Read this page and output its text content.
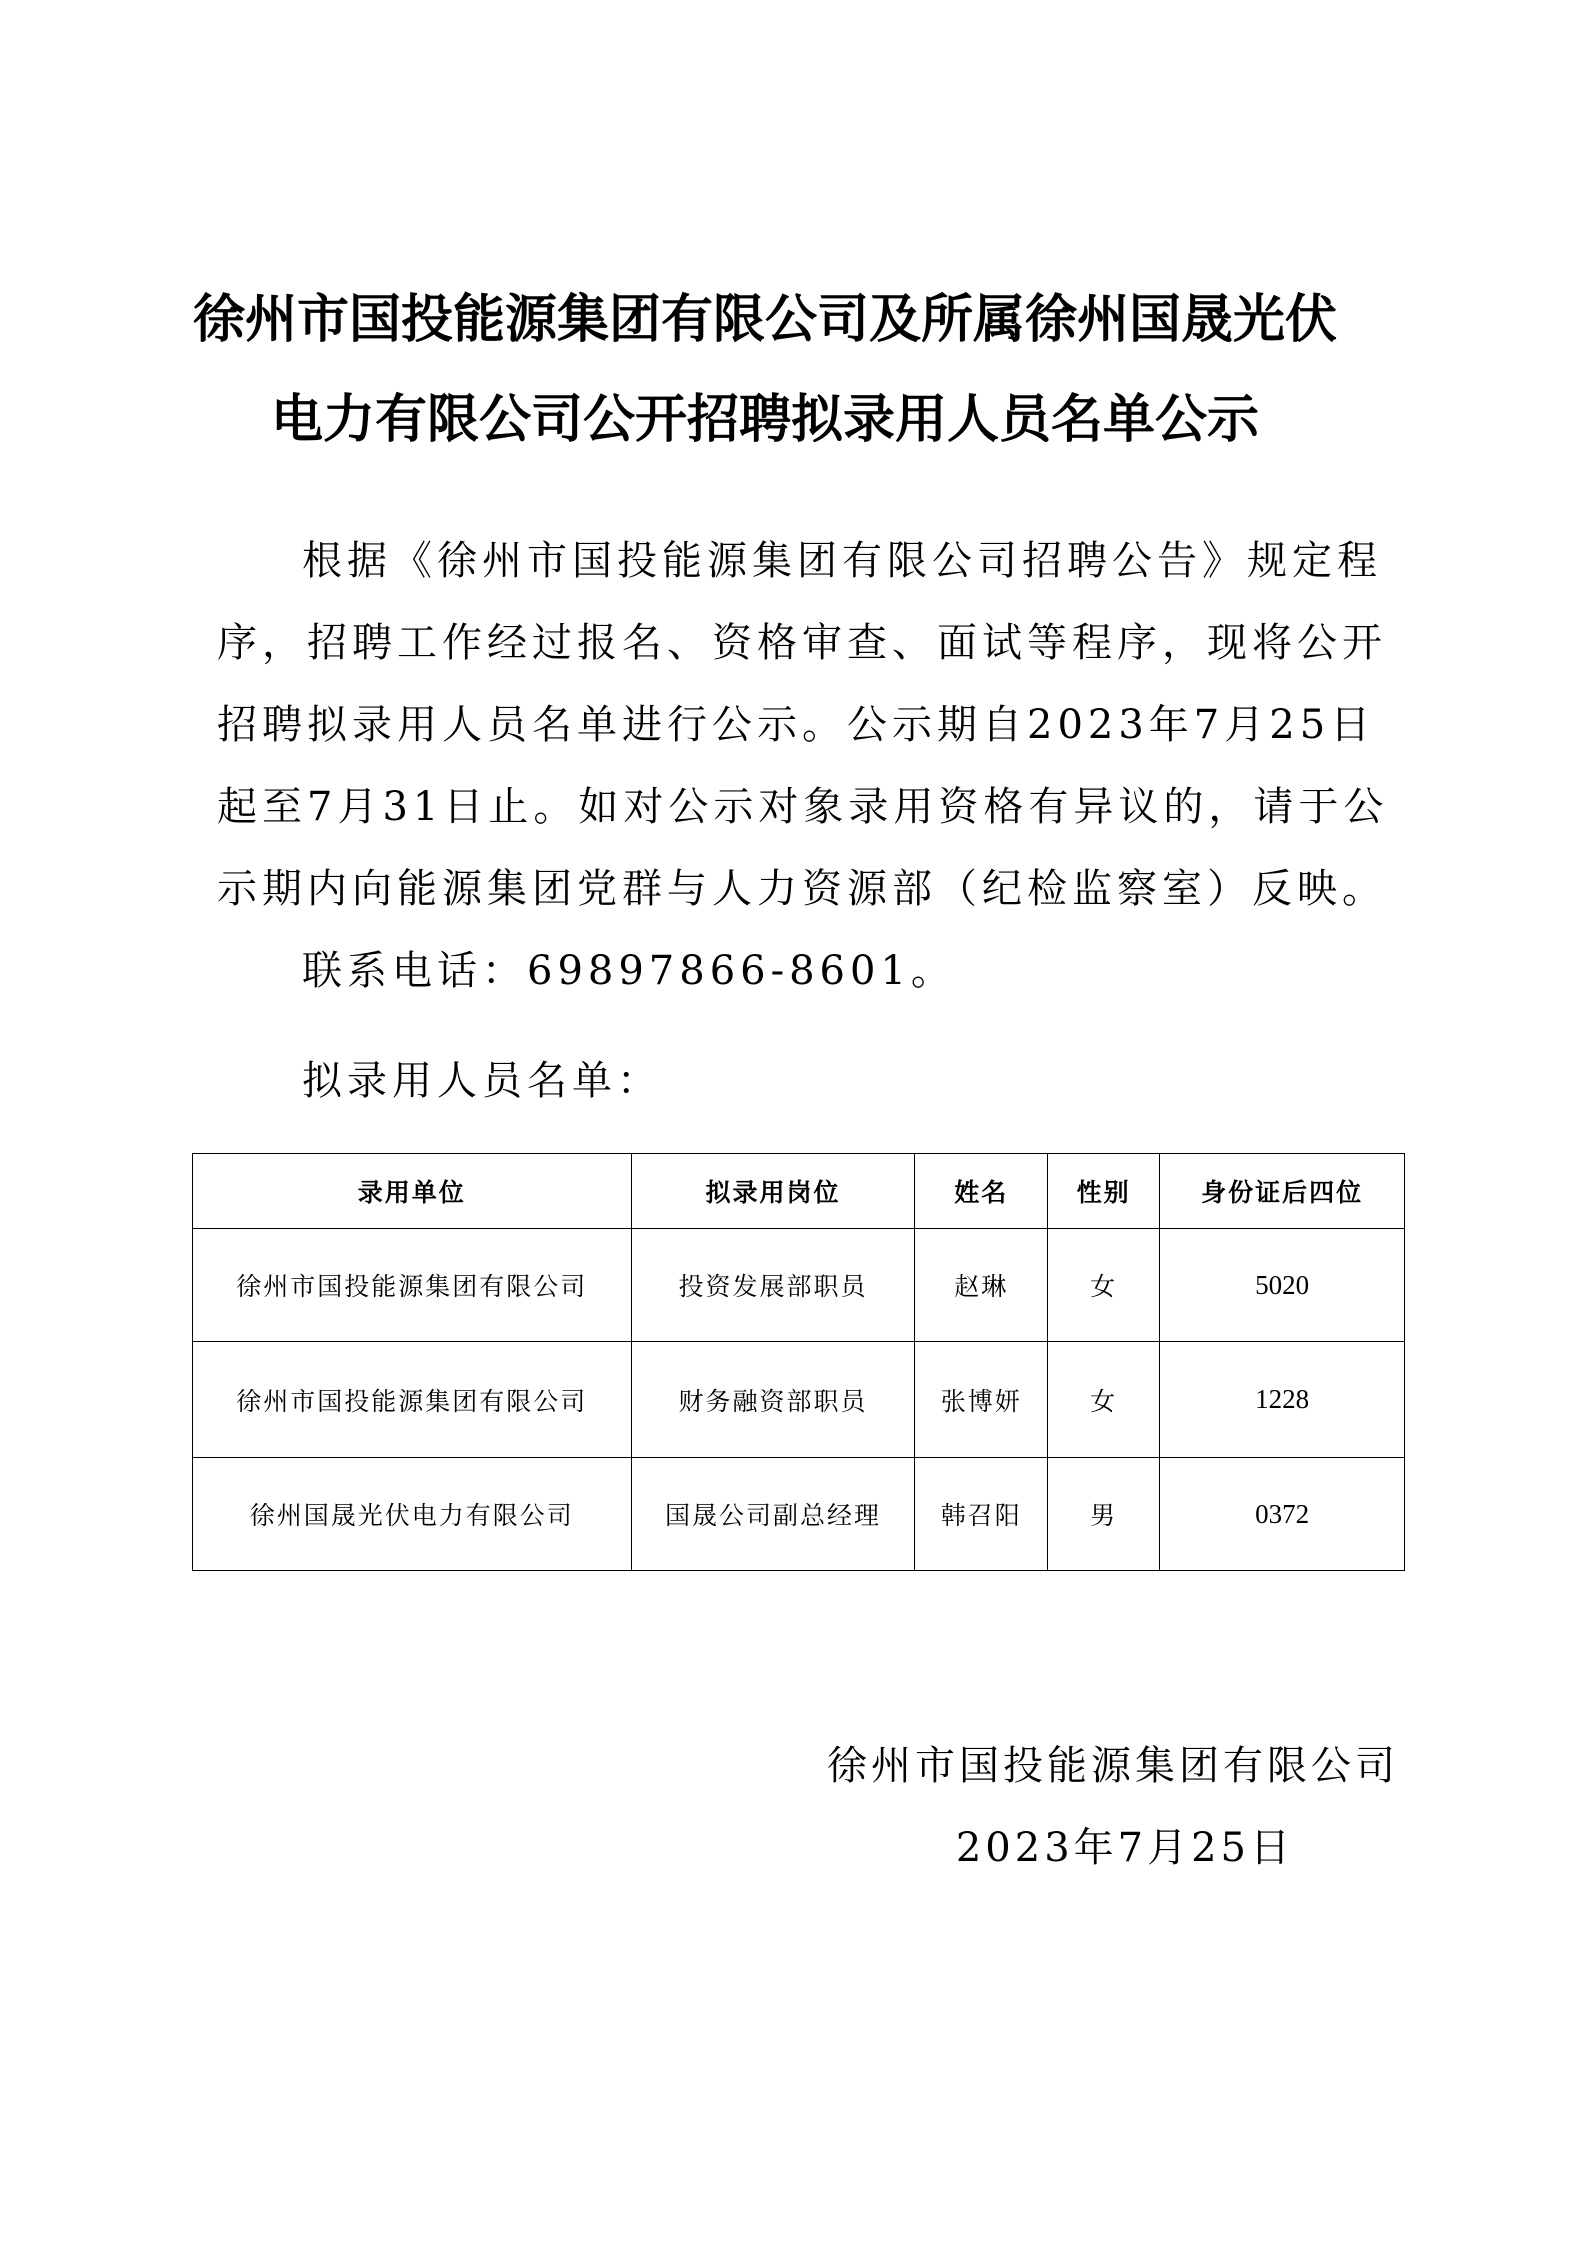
徐州市国投能源集团有限公司及所属徐州国晟光伏
电力有限公司公开招聘拟录用人员名单公示

根据《徐州市国投能源集团有限公司招聘公告》规定程序，招聘工作经过报名、资格审查、面试等程序，现将公开招聘拟录用人员名单进行公示。公示期自2023年7月25日起至7月31日止。如对公示对象录用资格有异议的，请于公示期内向能源集团党群与人力资源部（纪检监察室）反映。

联系电话：69897866-8601。

拟录用人员名单：
录用单位	拟录用岗位	姓名	性别	身份证后四位
徐州市国投能源集团有限公司	投资发展部职员	赵琳	女	5020
徐州市国投能源集团有限公司	财务融资部职员	张博妍	女	1228
徐州国晟光伏电力有限公司	国晟公司副总经理	韩召阳	男	0372
徐州市国投能源集团有限公司

2023年7月25日
